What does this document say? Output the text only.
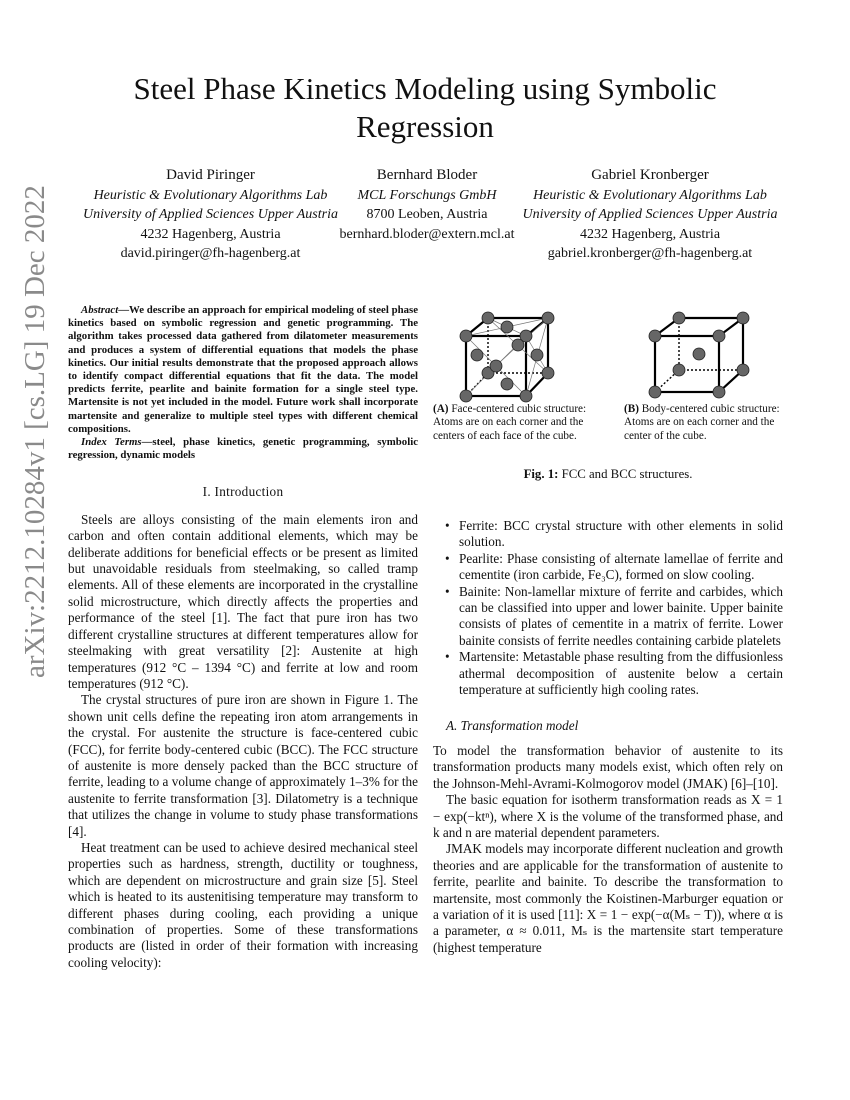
Steel Phase Kinetics Modeling using Symbolic Regression
David Piringer
Heuristic & Evolutionary Algorithms Lab
University of Applied Sciences Upper Austria
4232 Hagenberg, Austria
david.piringer@fh-hagenberg.at
Bernhard Bloder
MCL Forschungs GmbH
8700 Leoben, Austria
bernhard.bloder@extern.mcl.at
Gabriel Kronberger
Heuristic & Evolutionary Algorithms Lab
University of Applied Sciences Upper Austria
4232 Hagenberg, Austria
gabriel.kronberger@fh-hagenberg.at
arXiv:2212.10284v1 [cs.LG] 19 Dec 2022	Abstract—We describe an approach for empirical modeling of steel phase kinetics based on symbolic regression and genetic programming. The algorithm takes processed data gathered from dilatometer measurements and produces a system of differential equations that models the phase kinetics. Our initial results demonstrate that the proposed approach allows to identify compact differential equations that fit the data. The model predicts ferrite, pearlite and bainite formation for a single steel type. Martensite is not yet included in the model. Future work shall incorporate martensite and generalize to multiple steel types with different chemical compositions.

Index Terms—steel, phase kinetics, genetic programming, symbolic regression, dynamic models

I. Introduction

Steels are alloys consisting of the main elements iron and carbon and often contain additional elements, which may be deliberate additions for beneficial effects or be present as limited but unavoidable residuals from steelmaking, so called tramp elements. All of these elements are incorporated in the crystalline solid microstructure, which directly affects the properties and performance of the steel [1]. The fact that pure iron has two different crystalline structures at different temperatures allow for steelmaking with great versatility [2]: Austenite at high temperatures (912 °C – 1394 °C) and ferrite at low and room temperatures (912 °C).

The crystal structures of pure iron are shown in Figure 1. The shown unit cells define the repeating iron atom arrangements in the crystal. For austenite the structure is face-centered cubic (FCC), for ferrite body-centered cubic (BCC). The FCC structure of austenite is more densely packed than the BCC structure of ferrite, leading to a volume change of approximately 1–3% for the austenite to ferrite transformation [3]. Dilatometry is a technique that utilizes the change in volume to study phase transformations [4].

Heat treatment can be used to achieve desired mechanical steel properties such as hardness, strength, ductility or toughness, which are dependent on microstructure and grain size [5]. Steel which is heated to its austenitising temperature may transform to different phases during cooling, each providing a unique combination of properties. Some of these transformations products are (listed in order of their formation with increasing cooling velocity):

(A) Face-centered cubic structure: Atoms are on each corner and the centers of each face of the cube.
(B) Body-centered cubic structure: Atoms are on each corner and the center of the cube.
Fig. 1: FCC and BCC structures.
• Ferrite: BCC crystal structure with other elements in solid solution.
• Pearlite: Phase consisting of alternate lamellae of ferrite and cementite (iron carbide, Fe₃C), formed on slow cooling.
• Bainite: Non-lamellar mixture of ferrite and carbides, which can be classified into upper and lower bainite. Upper bainite consists of plates of cementite in a matrix of ferrite. Lower bainite consists of ferrite needles containing carbide platelets
• Martensite: Metastable phase resulting from the diffusionless athermal decomposition of austenite below a certain temperature at sufficiently high cooling rates.

A. Transformation model

To model the transformation behavior of austenite to its transformation products many models exist, which often rely on the Johnson-Mehl-Avrami-Kolmogorov model (JMAK) [6]–[10].

The basic equation for isotherm transformation reads as X = 1 − exp(−ktⁿ), where X is the volume of the transformed phase, and k and n are material dependent parameters.

JMAK models may incorporate different nucleation and growth theories and are applicable for the transformation of austenite to ferrite, pearlite and bainite. To describe the transformation to martensite, most commonly the Koistinen-Marburger equation or a variation of it is used [11]: X = 1 − exp(−α(Mₛ − T)), where α is a parameter, α ≈ 0.011, Mₛ is the martensite start temperature (highest temperature
